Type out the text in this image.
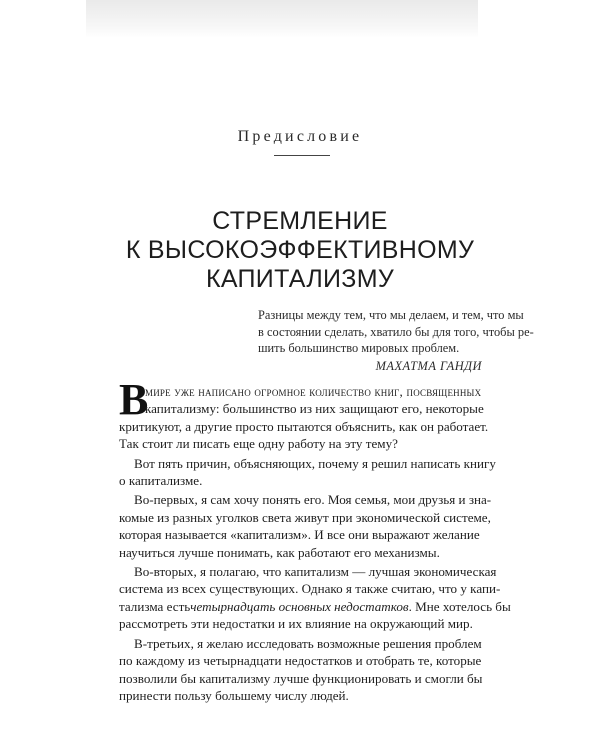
Предисловие
СТРЕМЛЕНИЕ
К ВЫСОКОЭФФЕКТИВНОМУ
КАПИТАЛИЗМУ
Разницы между тем, что мы делаем, и тем, что мы
в состоянии сделать, хватило бы для того, чтобы ре-
шить большинство мировых проблем.
МАХАТМА ГАНДИ
В
мире уже написано огромное количество книг, посвященных
капитализму: большинство из них защищают его, некоторые
критикуют, а другие просто пытаются объяснить, как он работает.
Так стоит ли писать еще одну работу на эту тему?
Вот пять причин, объясняющих, почему я решил написать книгу
о капитализме.
Во-первых, я сам хочу понять его. Моя семья, мои друзья и зна-
комые из разных уголков света живут при экономической системе,
которая называется «капитализм». И все они выражают желание
научиться лучше понимать, как работают его механизмы.
Во-вторых, я полагаю, что капитализм — лучшая экономическая
система из всех существующих. Однако я также считаю, что у капи-
тализма есть четырнадцать основных недостатков . Мне хотелось бы
рассмотреть эти недостатки и их влияние на окружающий мир.
В-третьих, я желаю исследовать возможные решения проблем
по каждому из четырнадцати недостатков и отобрать те, которые
позволили бы капитализму лучше функционировать и смогли бы
принести пользу большему числу людей.
